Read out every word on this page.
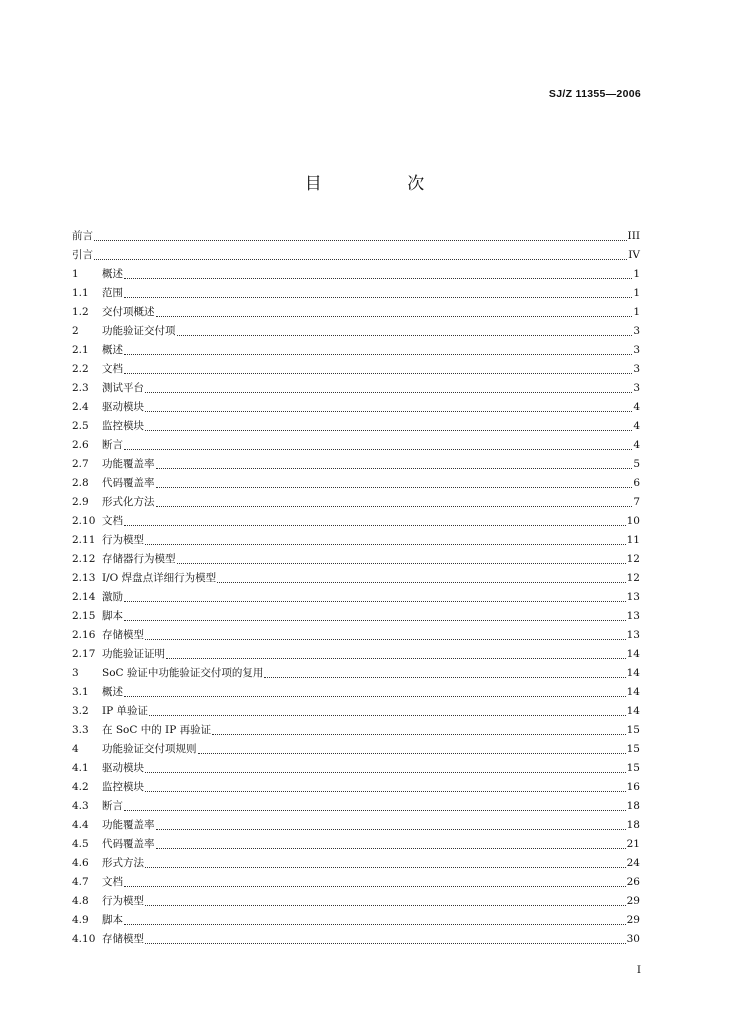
SJ/Z 11355—2006
目 次
前言	III
引言	IV
1	概述	1
1.1	范围	1
1.2	交付项概述	1
2	功能验证交付项	3
2.1	概述	3
2.2	文档	3
2.3	测试平台	3
2.4	驱动模块	4
2.5	监控模块	4
2.6	断言	4
2.7	功能覆盖率	5
2.8	代码覆盖率	6
2.9	形式化方法	7
2.10 文档	10
2.11 行为模型	11
2.12 存储器行为模型	12
2.13 I/O 焊盘点详细行为模型	12
2.14 激励	13
2.15 脚本	13
2.16 存储模型	13
2.17 功能验证证明	14
3	SoC 验证中功能验证交付项的复用	14
3.1	概述	14
3.2	IP 单验证	14
3.3	在 SoC 中的 IP 再验证	15
4	功能验证交付项规则	15
4.1	驱动模块	15
4.2	监控模块	16
4.3	断言	18
4.4	功能覆盖率	18
4.5	代码覆盖率	21
4.6	形式方法	24
4.7	文档	26
4.8	行为模型	29
4.9	脚本	29
4.10 存储模型	30
I
